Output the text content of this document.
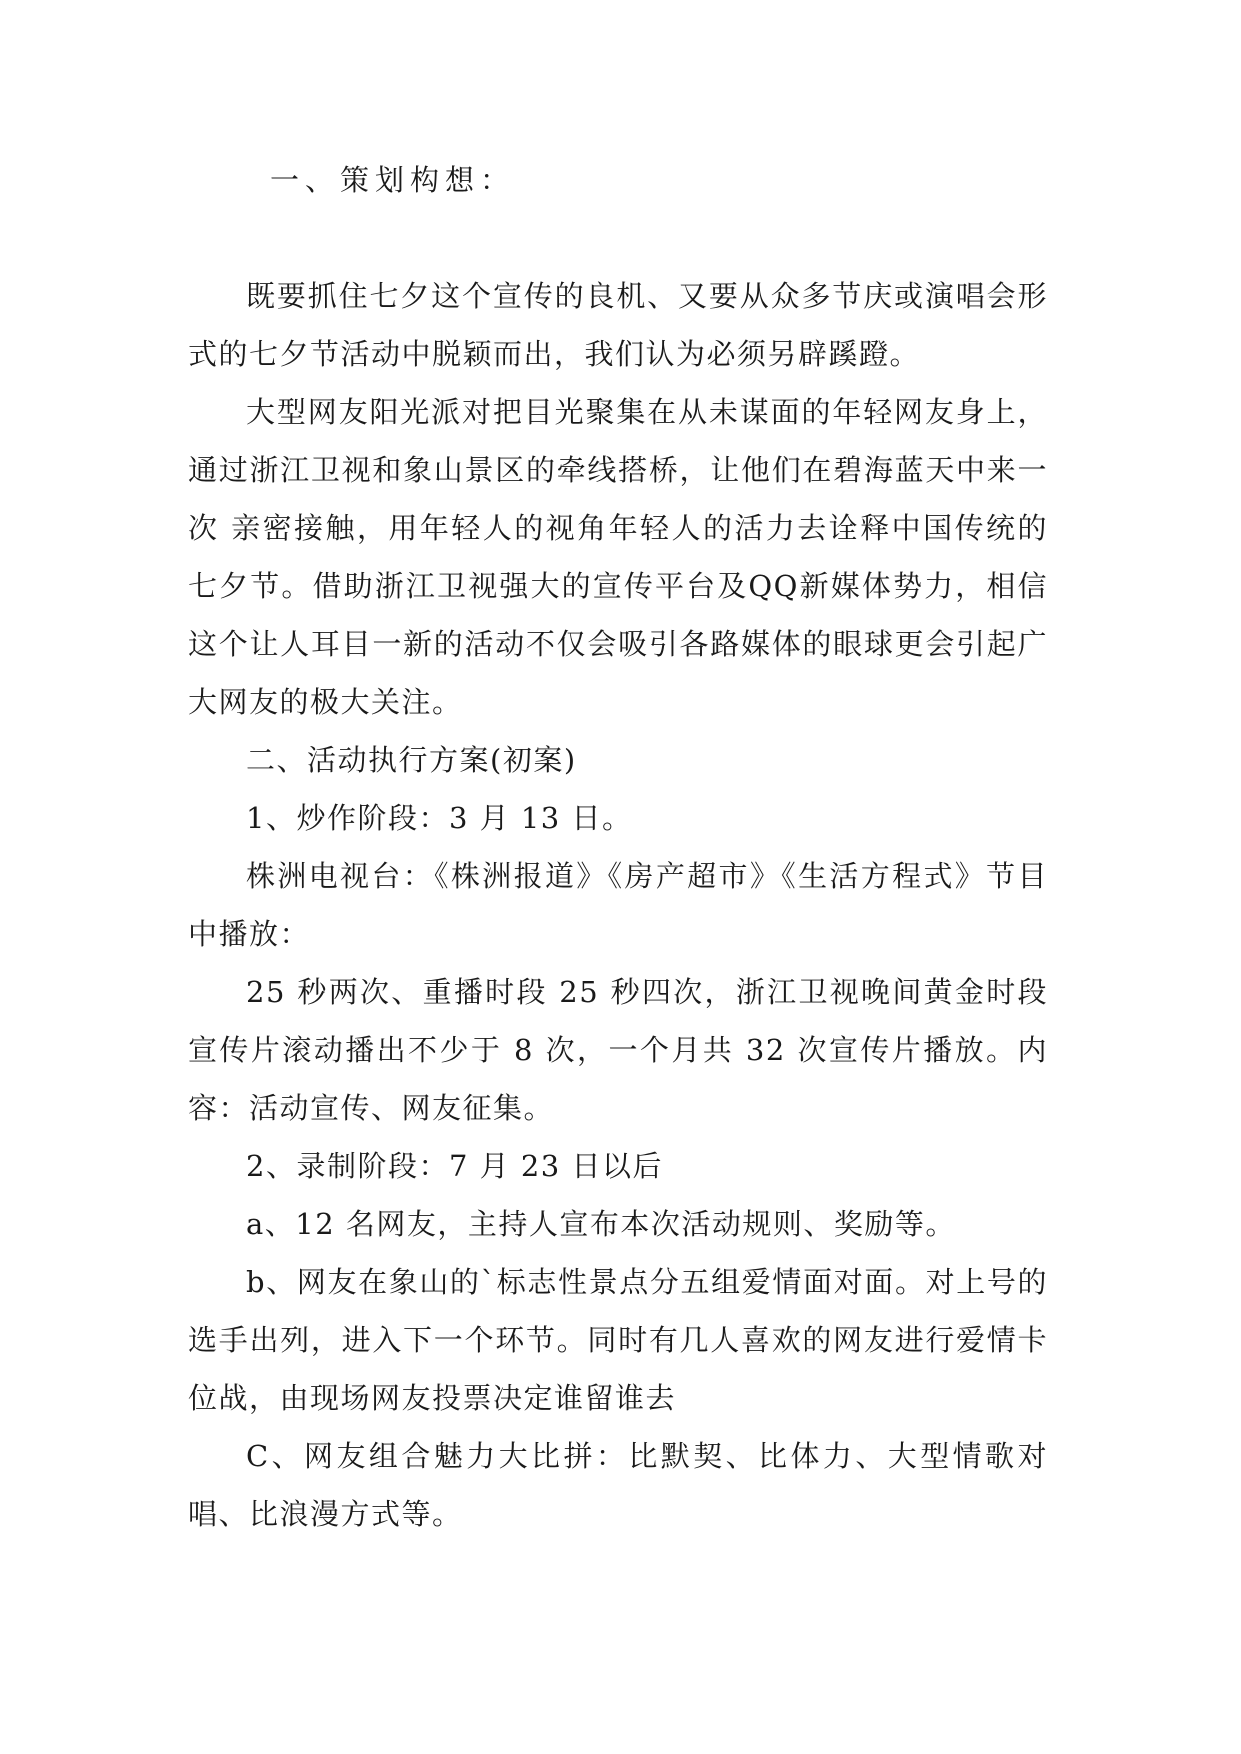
一、策划构想：

既要抓住七夕这个宣传的良机、又要从众多节庆或演唱会形式的七夕节活动中脱颖而出，我们认为必须另辟蹊蹬。

大型网友阳光派对把目光聚集在从未谋面的年轻网友身上，通过浙江卫视和象山景区的牵线搭桥，让他们在碧海蓝天中来一次 亲密接触，用年轻人的视角年轻人的活力去诠释中国传统的七夕节。借助浙江卫视强大的宣传平台及QQ新媒体势力，相信这个让人耳目一新的活动不仅会吸引各路媒体的眼球更会引起广大网友的极大关注。

二、活动执行方案(初案)

1、炒作阶段：3 月 13 日。

株洲电视台：《株洲报道》《房产超市》《生活方程式》节目中播放：

25 秒两次、重播时段 25 秒四次，浙江卫视晚间黄金时段宣传片滚动播出不少于 8 次，一个月共 32 次宣传片播放。内容：活动宣传、网友征集。

2、录制阶段：7 月 23 日以后

a、12 名网友，主持人宣布本次活动规则、奖励等。

b、网友在象山的`标志性景点分五组爱情面对面。对上号的选手出列，进入下一个环节。同时有几人喜欢的网友进行爱情卡位战，由现场网友投票决定谁留谁去

C、网友组合魅力大比拼：比默契、比体力、大型情歌对唱、比浪漫方式等。
